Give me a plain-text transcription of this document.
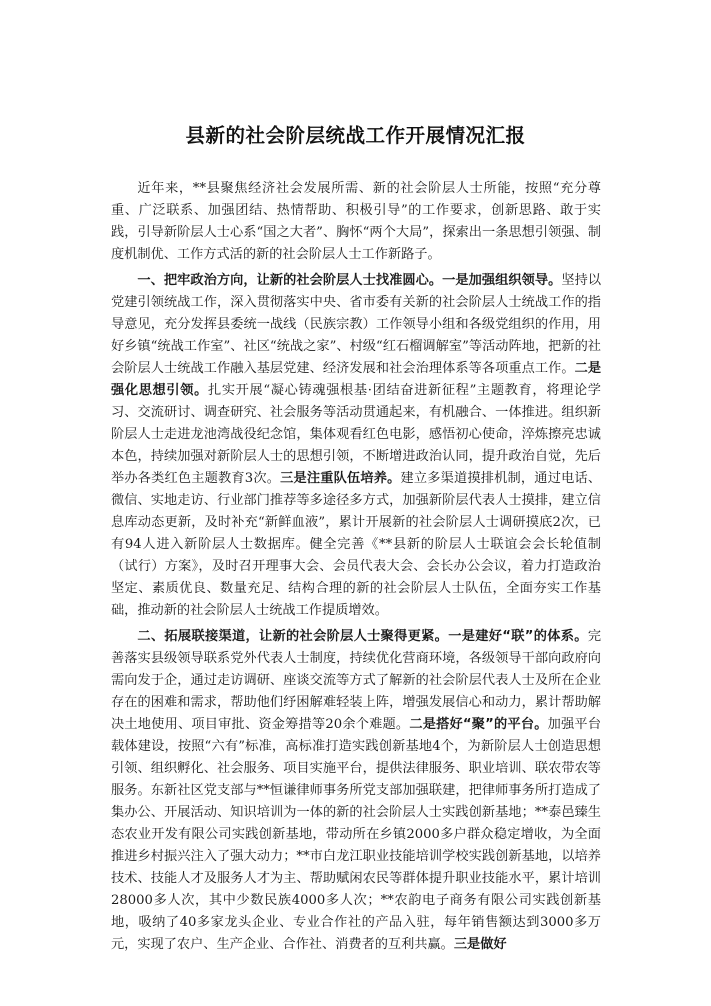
县新的社会阶层统战工作开展情况汇报

近年来，**县聚焦经济社会发展所需、新的社会阶层人士所能，按照“充分尊重、广泛联系、加强团结、热情帮助、积极引导”的工作要求，创新思路、敢于实践，引导新阶层人士心系“国之大者”、胸怀“两个大局”，探索出一条思想引领强、制度机制优、工作方式活的新的社会阶层人士工作新路子。

一、把牢政治方向，让新的社会阶层人士找准圆心。一是加强组织领导。坚持以党建引领统战工作，深入贯彻落实中央、省市委有关新的社会阶层人士统战工作的指导意见，充分发挥县委统一战线（民族宗教）工作领导小组和各级党组织的作用，用好乡镇“统战工作室”、社区“统战之家”、村级“红石榴调解室”等活动阵地，把新的社会阶层人士统战工作融入基层党建、经济发展和社会治理体系等各项重点工作。二是强化思想引领。扎实开展“凝心铸魂强根基·团结奋进新征程”主题教育，将理论学习、交流研讨、调查研究、社会服务等活动贯通起来，有机融合、一体推进。组织新阶层人士走进龙池湾战役纪念馆，集体观看红色电影，感悟初心使命，淬炼擦亮忠诚本色，持续加强对新阶层人士的思想引领，不断增进政治认同，提升政治自觉，先后举办各类红色主题教育3次。三是注重队伍培养。建立多渠道摸排机制，通过电话、微信、实地走访、行业部门推荐等多途径多方式，加强新阶层代表人士摸排，建立信息库动态更新，及时补充“新鲜血液”，累计开展新的社会阶层人士调研摸底2次，已有94人进入新阶层人士数据库。健全完善《**县新的阶层人士联谊会会长轮值制（试行）方案》，及时召开理事大会、会员代表大会、会长办公会议，着力打造政治坚定、素质优良、数量充足、结构合理的新的社会阶层人士队伍，全面夯实工作基础，推动新的社会阶层人士统战工作提质增效。

二、拓展联接渠道，让新的社会阶层人士聚得更紧。一是建好“联”的体系。完善落实县级领导联系党外代表人士制度，持续优化营商环境，各级领导干部向政府向需向发于企，通过走访调研、座谈交流等方式了解新的社会阶层代表人士及所在企业存在的困难和需求，帮助他们纾困解难轻装上阵，增强发展信心和动力，累计帮助解决土地使用、项目审批、资金筹措等20余个难题。二是搭好“聚”的平台。加强平台载体建设，按照“六有”标准，高标准打造实践创新基地4个，为新阶层人士创造思想引领、组织孵化、社会服务、项目实施平台，提供法律服务、职业培训、联农带农等服务。东新社区党支部与**恒谦律师事务所党支部加强联建，把律师事务所打造成了集办公、开展活动、知识培训为一体的新的社会阶层人士实践创新基地；**泰邑臻生态农业开发有限公司实践创新基地，带动所在乡镇2000多户群众稳定增收，为全面推进乡村振兴注入了强大动力；**市白龙江职业技能培训学校实践创新基地，以培养技术、技能人才及服务人才为主、帮助赋闲农民等群体提升职业技能水平，累计培训28000多人次，其中少数民族4000多人次；**农韵电子商务有限公司实践创新基地，吸纳了40多家龙头企业、专业合作社的产品入驻，每年销售额达到3000多万元，实现了农户、生产企业、合作社、消费者的互利共赢。三是做好
